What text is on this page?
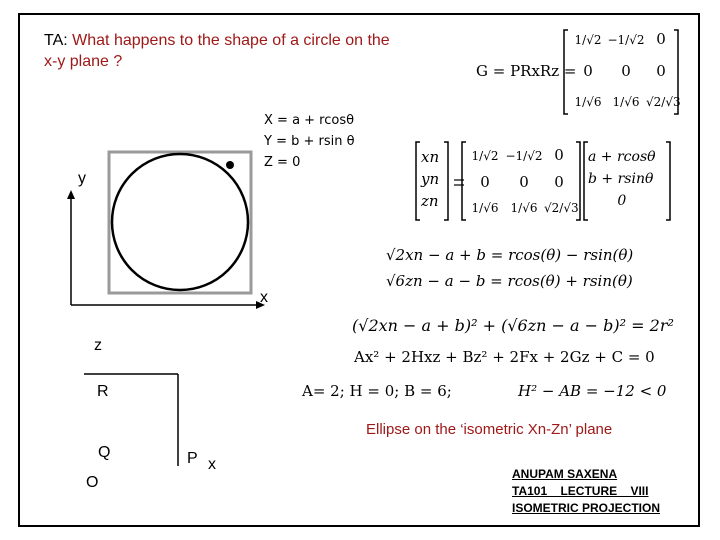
TA: What happens to the shape of a circle on the x-y plane ?
X = a + rcosθ
Y = b + rsin θ
Z = 0
y
x
z
R
Q
O
P x
G = PRxRz =
1/√2 −1/√2 0
0 0 0
1/√6 1/√6 √2/√3
xn
yn
zn
1/√2 −1/√2 0
0 0 0
1/√6 1/√6 √2/√3
a + rcosθ
b + rsinθ
0
√2xn − a + b = rcos(θ) − rsin(θ)
√6zn − a − b = rcos(θ) + rsin(θ)
(√2xn − a + b)² + (√6zn − a − b)² = 2r²
Ax² + 2Hxz + Bz² + 2Fx + 2Gz + C = 0
A= 2; H = 0; B = 6;	H² − AB = −12 < 0
Ellipse on the ‘isometric Xn-Zn’ plane
ANUPAM SAXENA
TA101    LECTURE    VIII
ISOMETRIC PROJECTION
